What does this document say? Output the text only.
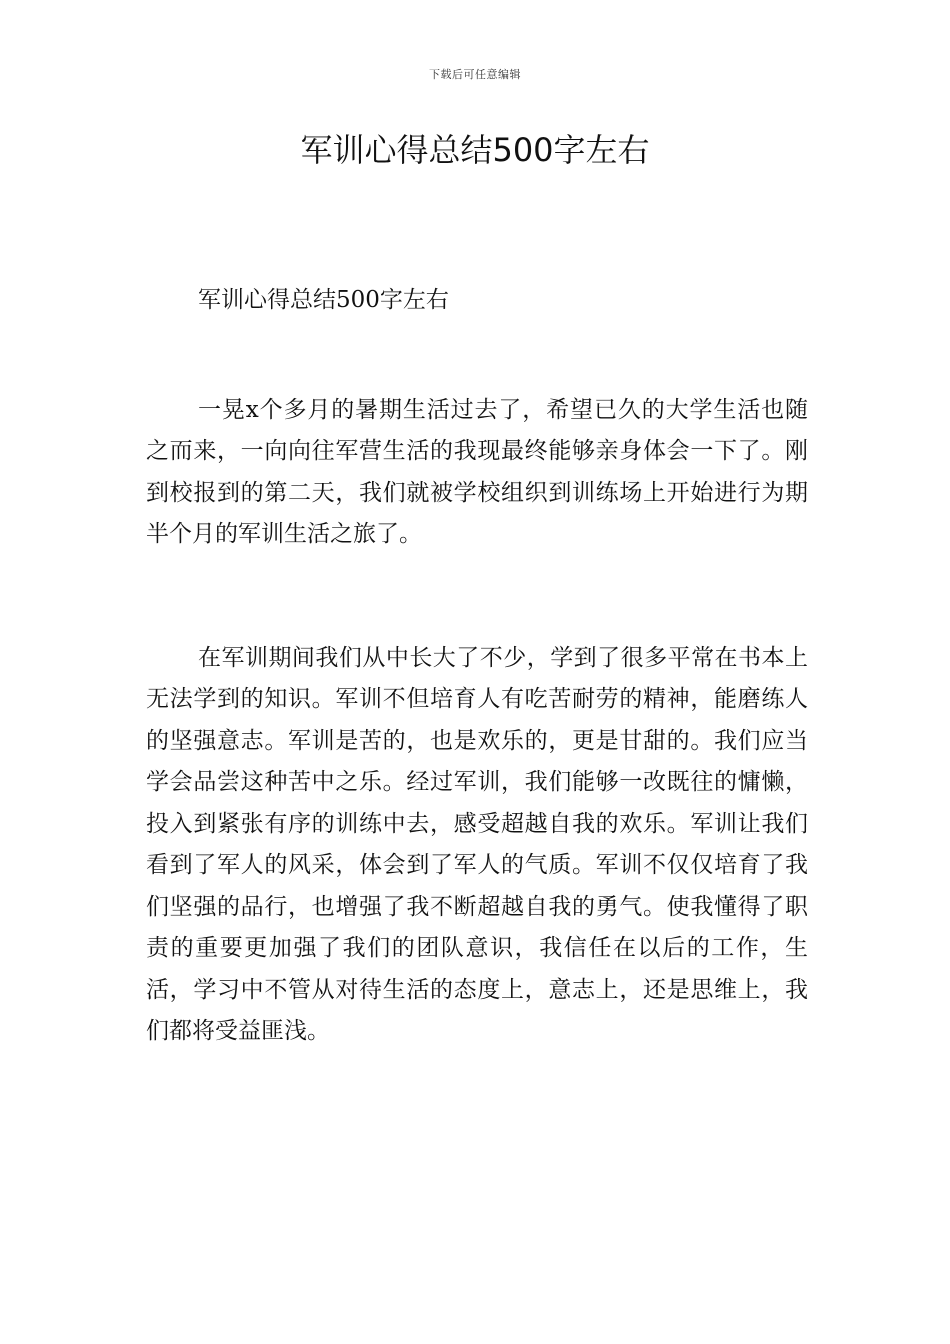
下载后可任意编辑
军训心得总结500字左右

军训心得总结500字左右

一晃x个多月的暑期生活过去了，希望已久的大学生活也随之而来，一向向往军营生活的我现最终能够亲身体会一下了。刚到校报到的第二天，我们就被学校组织到训练场上开始进行为期半个月的军训生活之旅了。

在军训期间我们从中长大了不少，学到了很多平常在书本上无法学到的知识。军训不但培育人有吃苦耐劳的精神，能磨练人的坚强意志。军训是苦的，也是欢乐的，更是甘甜的。我们应当学会品尝这种苦中之乐。经过军训，我们能够一改既往的慵懒，投入到紧张有序的训练中去，感受超越自我的欢乐。军训让我们看到了军人的风采，体会到了军人的气质。军训不仅仅培育了我们坚强的品行，也增强了我不断超越自我的勇气。使我懂得了职责的重要更加强了我们的团队意识，我信任在以后的工作，生活，学习中不管从对待生活的态度上，意志上，还是思维上，我们都将受益匪浅。
